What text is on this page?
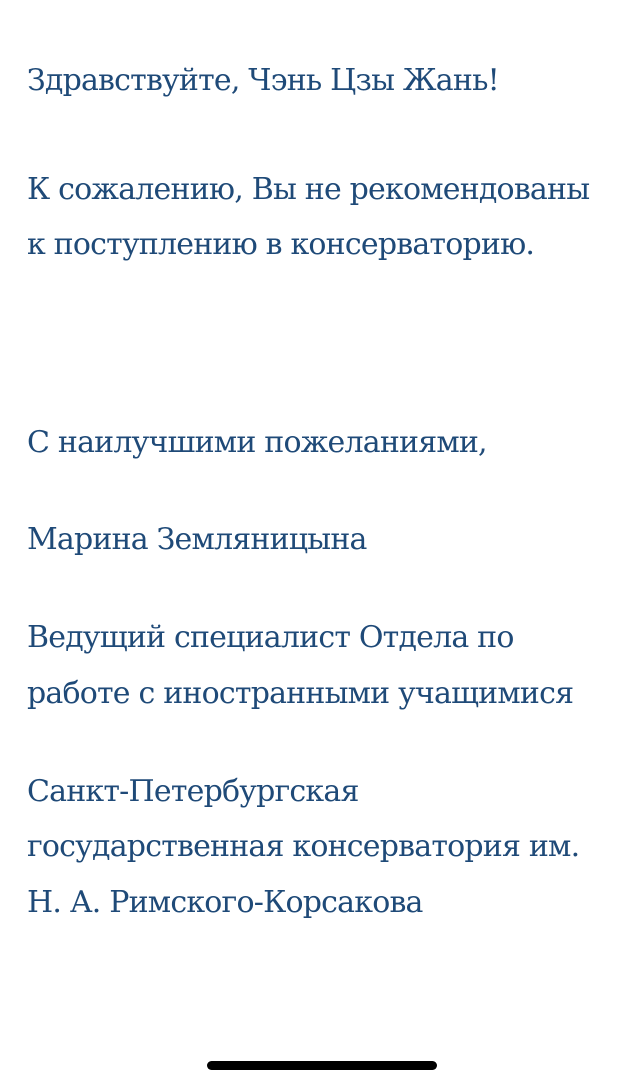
Здравствуйте, Чэнь Цзы Жань!

К сожалению, Вы не рекомендованы

к поступлению в консерваторию.

С наилучшими пожеланиями,

Марина Земляницына

Ведущий специалист Отдела по

работе с иностранными учащимися

Санкт-Петербургская

государственная консерватория им.

Н. А. Римского-Корсакова
